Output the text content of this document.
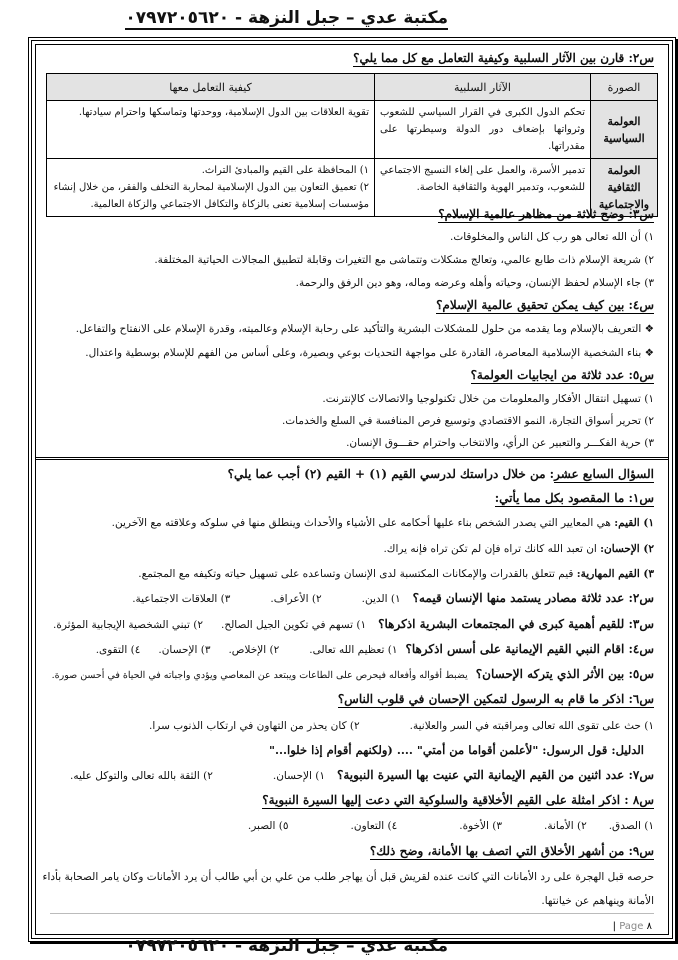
مكتبة عدي – جبل النزهة - ٠٧٩٧٢٠٥٦٢٠
س٢: قارن بين الآثار السلبية وكيفية التعامل مع كل مما يلي؟
الصورة	الآثار السلبية	كيفية التعامل معها
العولمة السياسية	تحكم الدول الكبرى في القرار السياسي للشعوب وثرواتها بإضعاف دور الدولة وسيطرتها على مقدراتها.	تقوية العلاقات بين الدول الإسلامية، ووحدتها وتماسكها واحترام سيادتها.

العولمة الثقافية والاجتماعية	تدمير الأسرة، والعمل على إلغاء النسيج الاجتماعي للشعوب، وتدمير الهوية والثقافية الخاصة.	١) المحافظة على القيم والمبادئ التراث.
٢) تعميق التعاون بين الدول الإسلامية لمحاربة التخلف والفقر، من خلال إنشاء مؤسسات إسلامية تعنى بالزكاة والتكافل الاجتماعي والزكاة العالمية.
س٣: وضح ثلاثة من مظاهر عالمية الإسلام؟
١) أن الله تعالى هو رب كل الناس والمخلوقات.
٢) شريعة الإسلام ذات طابع عالمي، وتعالج مشكلات وتتماشى مع التغيرات وقابلة لتطبيق المجالات الحياتية المختلفة.
٣) جاء الإسلام لحفظ الإنسان، وحياته وأهله وعرضه وماله، وهو دين الرفق والرحمة.
س٤: بين كيف يمكن تحقيق عالمية الإسلام؟
❖ التعريف بالإسلام وما يقدمه من حلول للمشكلات البشرية والتأكيد على رحابة الإسلام وعالميته، وقدرة الإسلام على الانفتاح والتفاعل.
❖ بناء الشخصية الإسلامية المعاصرة، القادرة على مواجهة التحديات بوعي وبصيرة، وعلى أساس من الفهم للإسلام بوسطية واعتدال.
س٥: عدد ثلاثة من ايجابيات العولمة؟
١) تسهيل انتقال الأفكار والمعلومات من خلال تكنولوجيا والاتصالات كالإنترنت.
٢) تحرير أسواق التجارة، النمو الاقتصادي وتوسيع فرص المنافسة في السلع والخدمات.
٣) حرية الفكـــر والتعبير عن الرأي، والانتخاب واحترام حقـــوق الإنسان.
السؤال السابع عشر: من خلال دراستك لدرسي القيم (١) + القيم (٢) أجب عما يلي؟
س١: ما المقصود بكل مما يأتي:
١) القيم: هي المعايير التي يصدر الشخص بناء عليها أحكامه على الأشياء والأحداث وينطلق منها في سلوكه وعلاقته مع الآخرين.
٢) الإحسان: ان تعبد الله كانك تراه فإن لم تكن تراه فإنه يراك.
٣) القيم المهارية: قيم تتعلق بالقدرات والإمكانات المكتسبة لدى الإنسان وتساعده على تسهيل حياته وتكيفه مع المجتمع.
س٢: عدد ثلاثة مصادر يستمد منها الإنسان قيمه؟١) الدين.٢) الأعراف.٣) العلاقات الاجتماعية.
س٣: للقيم أهمية كبرى في المجتمعات البشرية اذكرها؟١) تسهم في تكوين الجيل الصالح.٢) تبني الشخصية الإيجابية المؤثرة.
س٤: اقام النبي القيم الإيمانية على أسس اذكرها؟١) تعظيم الله تعالى.٢) الإخلاص.٣) الإحسان.٤) التقوى.
س٥: بين الأثر الذي يتركه الإحسان؟يضبط أقواله وأفعاله فيحرص على الطاعات ويبتعد عن المعاصي ويؤدي واجباته في الحياة في أحسن صورة.
س٦: اذكر ما قام به الرسول لتمكين الإحسان في قلوب الناس؟
١) حث على تقوى الله تعالى ومراقبته في السر والعلانية.٢) كان يحذر من التهاون في ارتكاب الذنوب سرا.
الدليل: قول الرسول: "لأعلمن أقواما من أمتي" .... (ولكنهم أقوام إذا خلوا..."
س٧: عدد اثنين من القيم الإيمانية التي عنيت بها السيرة النبوية؟١) الإحسان.٢) الثقة بالله تعالى والتوكل عليه.
س٨ : اذكر امثلة على القيم الأخلاقية والسلوكية التي دعت إليها السيرة النبوية؟
١) الصدق.٢) الأمانة.٣) الأخوة.٤) التعاون.٥) الصبر.
س٩: من أشهر الأخلاق التي اتصف بها الأمانة، وضح ذلك؟
حرصه قبل الهجرة على رد الأمانات التي كانت عنده لقريش قبل أن يهاجر طلب من علي بن أبي طالب أن يرد الأمانات وكان يامر الصحابة بأداء
الأمانة وينهاهم عن خيانتها.
| Page ٨
مكتبة عدي – جبل النزهة - ٠٧٩٧٢٠٥٦٢٠
